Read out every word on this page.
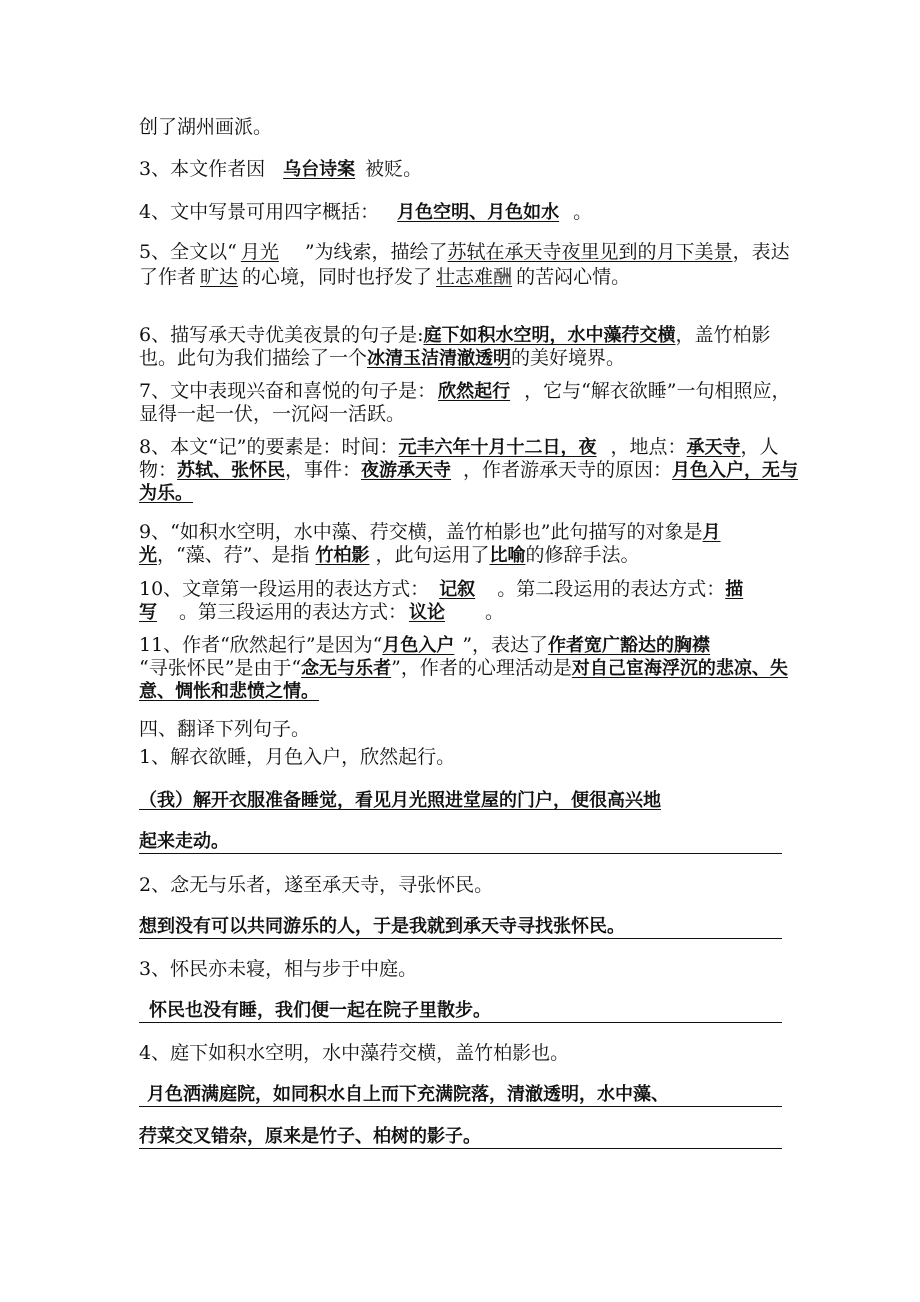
创了湖州画派。
3、本文作者因 乌台诗案 被贬。
4、文中写景可用四字概括： 月色空明、月色如水 。
5、全文以“ 月光 ”为线索，描绘了苏轼在承天寺夜里见到的月下美景，表达了作者 旷达 的心境，同时也抒发了 壮志难酬 的苦闷心情。
6、描写承天寺优美夜景的句子是:庭下如积水空明，水中藻荇交横，盖竹柏影也。此句为我们描绘了一个冰清玉洁清澈透明的美好境界。
7、文中表现兴奋和喜悦的句子是： 欣然起行 ，它与“解衣欲睡”一句相照应，显得一起一伏，一沉闷一活跃。
8、本文“记”的要素是：时间：元丰六年十月十二日，夜 ，地点：承天寺，人物：苏轼、张怀民，事件：夜游承天寺 ，作者游承天寺的原因：月色入户，无与为乐。
9、“如积水空明，水中藻、荇交横，盖竹柏影也”此句描写的对象是月光，“藻、荇”、是指 竹柏影 ，此句运用了比喻的修辞手法。
10、文章第一段运用的表达方式： 记叙 。第二段运用的表达方式：描写 。第三段运用的表达方式： 议论 。
11、作者“欣然起行”是因为“月色入户 ”，表达了作者宽广豁达的胸襟
“寻张怀民”是由于“念无与乐者”，作者的心理活动是对自己宦海浮沉的悲凉、失意、惆怅和悲愤之情。
四、翻译下列句子。
1、解衣欲睡，月色入户，欣然起行。
（我）解开衣服准备睡觉，看见月光照进堂屋的门户，便很高兴地
起来走动。
2、念无与乐者，遂至承天寺，寻张怀民。
想到没有可以共同游乐的人，于是我就到承天寺寻找张怀民。
3、怀民亦未寝，相与步于中庭。
怀民也没有睡，我们便一起在院子里散步。
4、庭下如积水空明，水中藻荇交横，盖竹柏影也。
月色洒满庭院，如同积水自上而下充满院落，清澈透明，水中藻、
荇菜交叉错杂，原来是竹子、柏树的影子。
